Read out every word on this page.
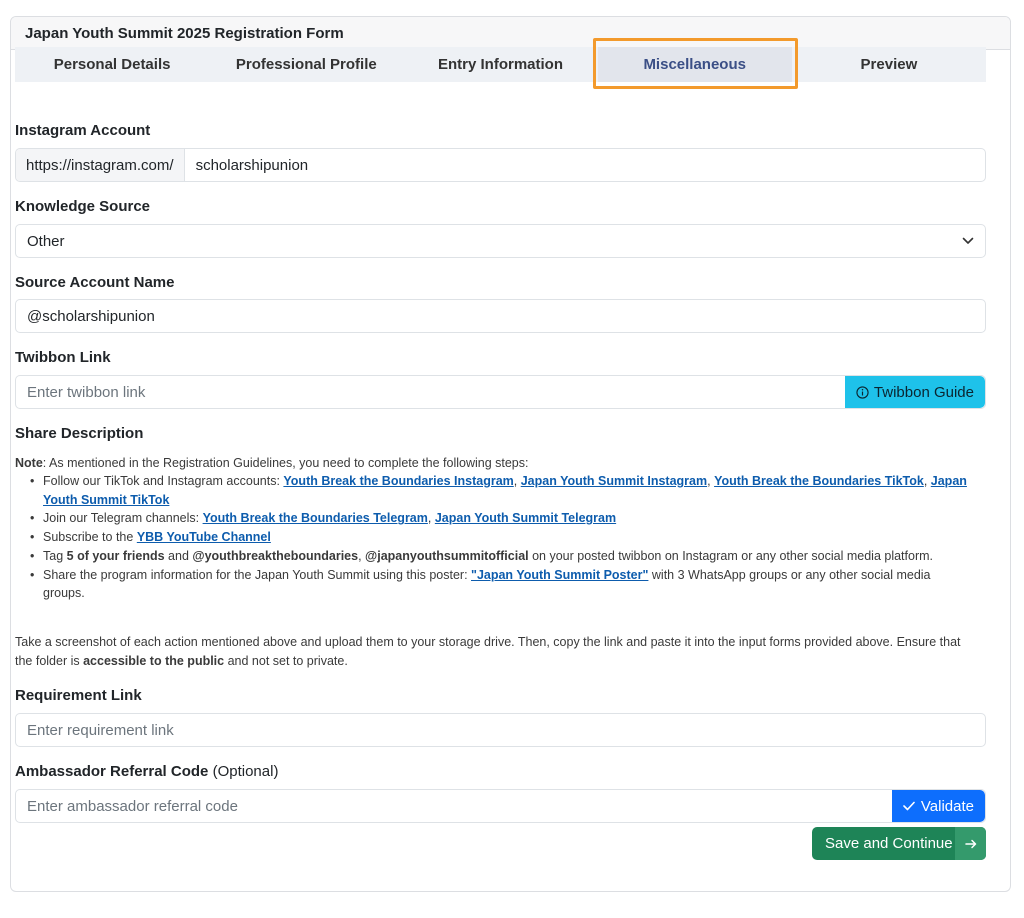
Japan Youth Summit 2025 Registration Form
Personal Details	Professional Profile	Entry Information	Miscellaneous	Preview
Instagram Account
https://instagram.com/	scholarshipunion
Knowledge Source
Other
Source Account Name
@scholarshipunion
Twibbon Link
Enter twibbon link	Twibbon Guide
Share Description
Note: As mentioned in the Registration Guidelines, you need to complete the following steps:
• Follow our TikTok and Instagram accounts: Youth Break the Boundaries Instagram, Japan Youth Summit Instagram, Youth Break the Boundaries TikTok, Japan Youth Summit TikTok
• Join our Telegram channels: Youth Break the Boundaries Telegram, Japan Youth Summit Telegram
• Subscribe to the YBB YouTube Channel
• Tag 5 of your friends and @youthbreaktheboundaries, @japanyouthsummitofficial on your posted twibbon on Instagram or any other social media platform.
• Share the program information for the Japan Youth Summit using this poster: "Japan Youth Summit Poster" with 3 WhatsApp groups or any other social media groups.
Take a screenshot of each action mentioned above and upload them to your storage drive. Then, copy the link and paste it into the input forms provided above. Ensure that the folder is accessible to the public and not set to private.
Requirement Link
Enter requirement link
Ambassador Referral Code (Optional)
Enter ambassador referral code	Validate
Save and Continue
